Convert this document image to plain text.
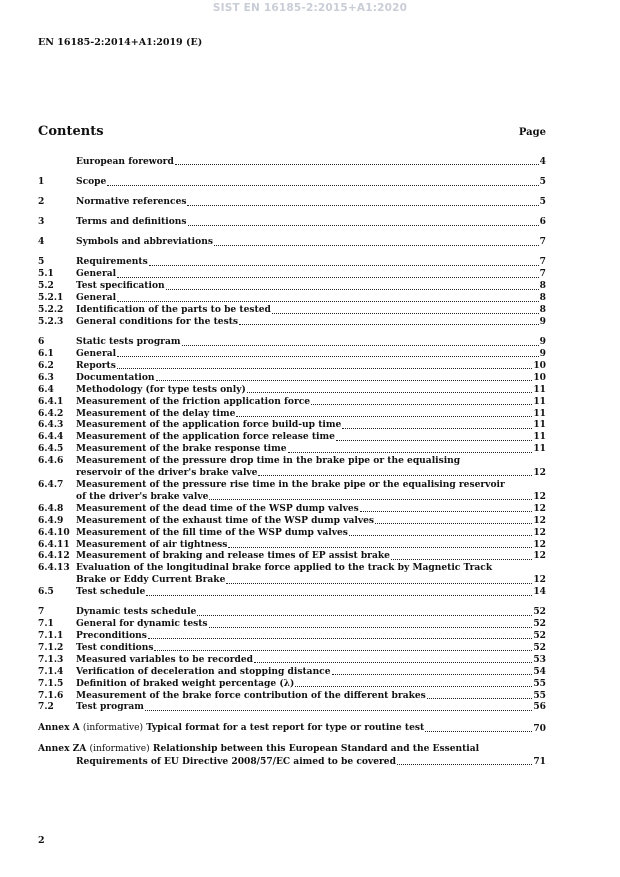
SIST EN 16185-2:2015+A1:2020
EN 16185-2:2014+A1:2019 (E)
Contents	Page
European foreword	4
1	Scope	5
2	Normative references	5
3	Terms and definitions	6
4	Symbols and abbreviations	7
5	Requirements	7
5.1	General	7
5.2	Test specification	8
5.2.1	General	8
5.2.2	Identification of the parts to be tested	8
5.2.3	General conditions for the tests	9
6	Static tests program	9
6.1	General	9
6.2	Reports	10
6.3	Documentation	10
6.4	Methodology (for type tests only)	11
6.4.1	Measurement of the friction application force	11
6.4.2	Measurement of the delay time	11
6.4.3	Measurement of the application force build-up time	11
6.4.4	Measurement of the application force release time	11
6.4.5	Measurement of the brake response time	11
6.4.6	Measurement of the pressure drop time in the brake pipe or the equalising
reservoir of the driver's brake valve	12
6.4.7	Measurement of the pressure rise time in the brake pipe or the equalising reservoir
of the driver's brake valve	12
6.4.8	Measurement of the dead time of the WSP dump valves	12
6.4.9	Measurement of the exhaust time of the WSP dump valves	12
6.4.10 Measurement of the fill time of the WSP dump valves	12
6.4.11 Measurement of air tightness	12
6.4.12 Measurement of braking and release times of EP assist brake	12
6.4.13 Evaluation of the longitudinal brake force applied to the track by Magnetic Track
Brake or Eddy Current Brake	12
6.5	Test schedule	14
7	Dynamic tests schedule	52
7.1	General for dynamic tests	52
7.1.1	Preconditions	52
7.1.2	Test conditions	52
7.1.3	Measured variables to be recorded	53
7.1.4	Verification of deceleration and stopping distance	54
7.1.5	Definition of braked weight percentage (λ)	55
7.1.6	Measurement of the brake force contribution of the different brakes	55
7.2	Test program	56
Annex A (informative) Typical format for a test report for type or routine test	70
Annex ZA (informative) Relationship between this European Standard and the Essential
Requirements of EU Directive 2008/57/EC aimed to be covered	71
2
